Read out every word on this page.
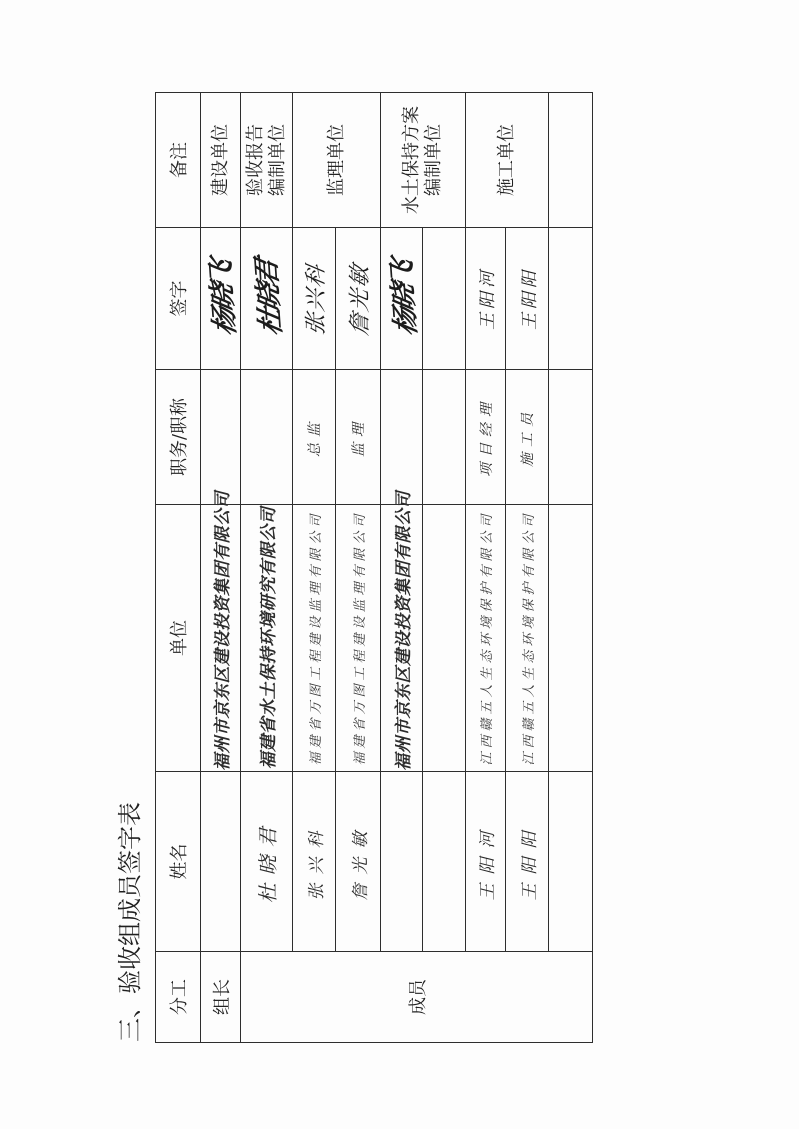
三、验收组成员签字表 分工	姓名	单位	职务/职称	签字	备注
组长		福州市京东区建设投资集团有限公司		杨晓飞	建设单位

成员	杜晓君	福建省水土保持环境研究有限公司		杜晓君	验收报告 编制单位

	张兴科	福建省万图工程建设监理有限公司	总监	张兴科	监理单位

	詹光敏	福建省万图工程建设监理有限公司	监理	詹光敏	
		福州市京东区建设投资集团有限公司		杨晓飞	水土保持方案 编制单位

	王阳河	江西赣五人生态环境保护有限公司	项目经理	王阳河	施工单位

	王阳阳	江西赣五人生态环境保护有限公司	施工员	王阳阳	
